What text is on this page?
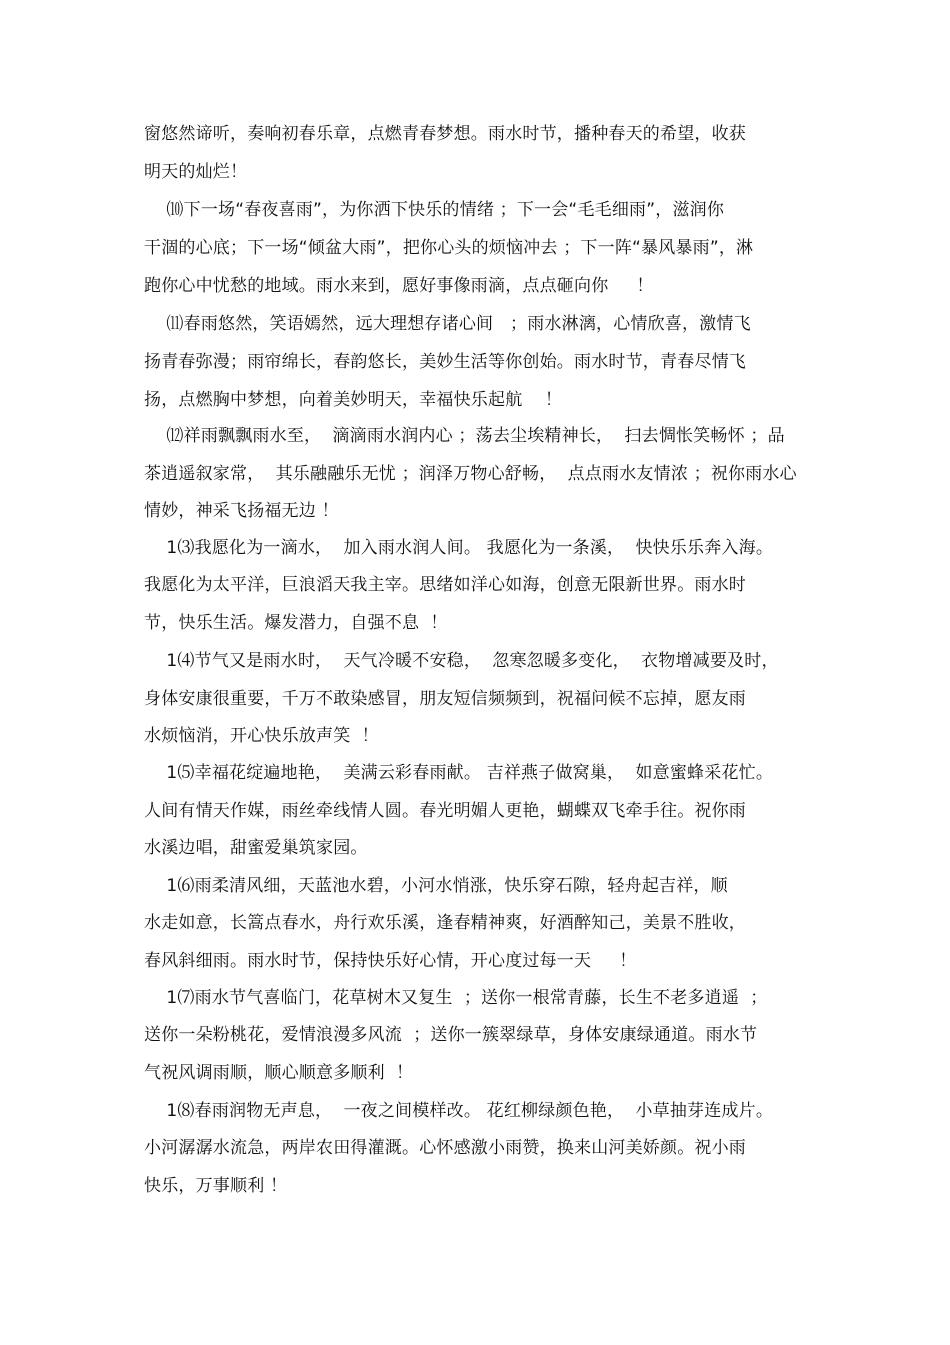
窗悠然谛听，奏响初春乐章，点燃青春梦想。雨水时节，播种春天的希望，收获
明天的灿烂！
⑽下一场“春夜喜雨”，为你洒下快乐的情绪 ；下一会“毛毛细雨”，滋润你
干涸的心底；下一场“倾盆大雨”，把你心头的烦恼冲去 ；下一阵“暴风暴雨”，淋
跑你心中忧愁的地域。雨水来到，愿好事像雨滴，点点砸向你     ！
⑾春雨悠然，笑语嫣然，远大理想存诸心间   ；雨水淋漓，心情欣喜，激情飞
扬青春弥漫；雨帘绵长，春韵悠长，美妙生活等你创始。雨水时节，青春尽情飞
扬，点燃胸中梦想，向着美妙明天，幸福快乐起航    ！
⑿祥雨飘飘雨水至，  滴滴雨水润内心 ；荡去尘埃精神长，  扫去惆怅笑畅怀 ；品
茶逍遥叙家常，  其乐融融乐无忧 ；润泽万物心舒畅，  点点雨水友情浓 ；祝你雨水心
情妙，神采飞扬福无边 ！
1⑶我愿化为一滴水，  加入雨水润人间。 我愿化为一条溪，  快快乐乐奔入海。
我愿化为太平洋，巨浪滔天我主宰。思绪如洋心如海，创意无限新世界。雨水时
节，快乐生活。爆发潜力，自强不息  ！
1⑷节气又是雨水时，  天气冷暖不安稳，  忽寒忽暖多变化，  衣物增减要及时，
身体安康很重要，千万不敢染感冒，朋友短信频频到，祝福问候不忘掉，愿友雨
水烦恼消，开心快乐放声笑  ！
1⑸幸福花绽遍地艳，  美满云彩春雨献。 吉祥燕子做窝巢，  如意蜜蜂采花忙。
人间有情天作媒，雨丝牵线情人圆。春光明媚人更艳，蝴蝶双飞牵手往。祝你雨
水溪边唱，甜蜜爱巢筑家园。
1⑹雨柔清风细，天蓝池水碧，小河水悄涨，快乐穿石隙，轻舟起吉祥，顺
水走如意，长篙点春水，舟行欢乐溪，逢春精神爽，好酒醉知己，美景不胜收，
春风斜细雨。雨水时节，保持快乐好心情，开心度过每一天     ！
1⑺雨水节气喜临门，花草树木又复生  ；送你一根常青藤，长生不老多逍遥  ；
送你一朵粉桃花，爱情浪漫多风流  ；送你一簇翠绿草，身体安康绿通道。雨水节
气祝风调雨顺，顺心顺意多顺利  ！
1⑻春雨润物无声息，  一夜之间模样改。 花红柳绿颜色艳，  小草抽芽连成片。
小河潺潺水流急，两岸农田得灌溉。心怀感激小雨赞，换来山河美娇颜。祝小雨
快乐，万事顺利 ！
